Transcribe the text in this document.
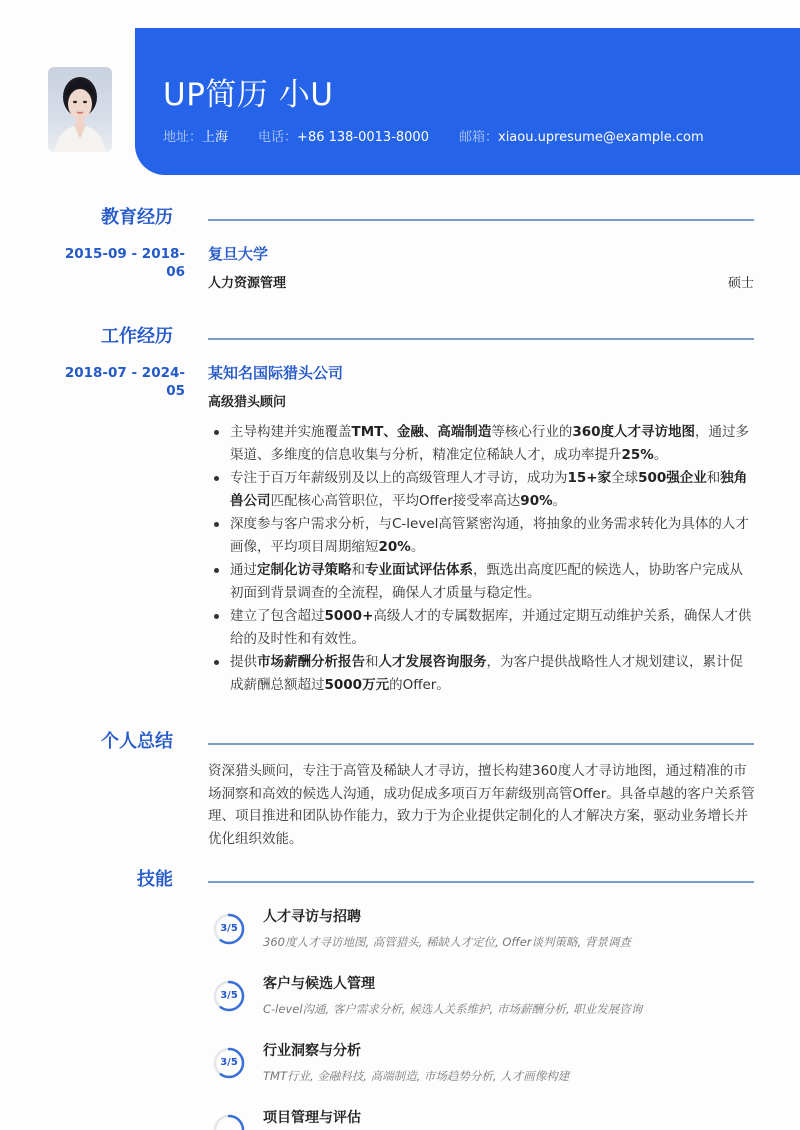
UP简历 小U
地址： 上海 电话： +86 138-0013-8000 邮箱： xiaou.upresume@example.com
教育经历
2015-09 - 2018-06
复旦大学
人力资源管理	硕士
工作经历
2018-07 - 2024-05
某知名国际猎头公司
高级猎头顾问
主导构建并实施覆盖TMT、金融、高端制造等核心行业的360度人才寻访地图，通过多渠道、多维度的信息收集与分析，精准定位稀缺人才，成功率提升25%。
专注于百万年薪级别及以上的高级管理人才寻访，成功为15+家全球500强企业和独角兽公司匹配核心高管职位，平均Offer接受率高达90%。
深度参与客户需求分析，与C-level高管紧密沟通，将抽象的业务需求转化为具体的人才画像，平均项目周期缩短20%。
通过定制化访寻策略和专业面试评估体系，甄选出高度匹配的候选人，协助客户完成从初面到背景调查的全流程，确保人才质量与稳定性。
建立了包含超过5000+高级人才的专属数据库，并通过定期互动维护关系，确保人才供给的及时性和有效性。
提供市场薪酬分析报告和人才发展咨询服务，为客户提供战略性人才规划建议，累计促成薪酬总额超过5000万元的Offer。
个人总结
资深猎头顾问，专注于高管及稀缺人才寻访，擅长构建360度人才寻访地图，通过精准的市场洞察和高效的候选人沟通，成功促成多项百万年薪级别高管Offer。具备卓越的客户关系管理、项目推进和团队协作能力，致力于为企业提供定制化的人才解决方案，驱动业务增长并优化组织效能。
技能
3/5
人才寻访与招聘
360度人才寻访地图, 高管猎头, 稀缺人才定位, Offer谈判策略, 背景调查
3/5
客户与候选人管理
C-level沟通, 客户需求分析, 候选人关系维护, 市场薪酬分析, 职业发展咨询
3/5
行业洞察与分析
TMT行业, 金融科技, 高端制造, 市场趋势分析, 人才画像构建
项目管理与评估
